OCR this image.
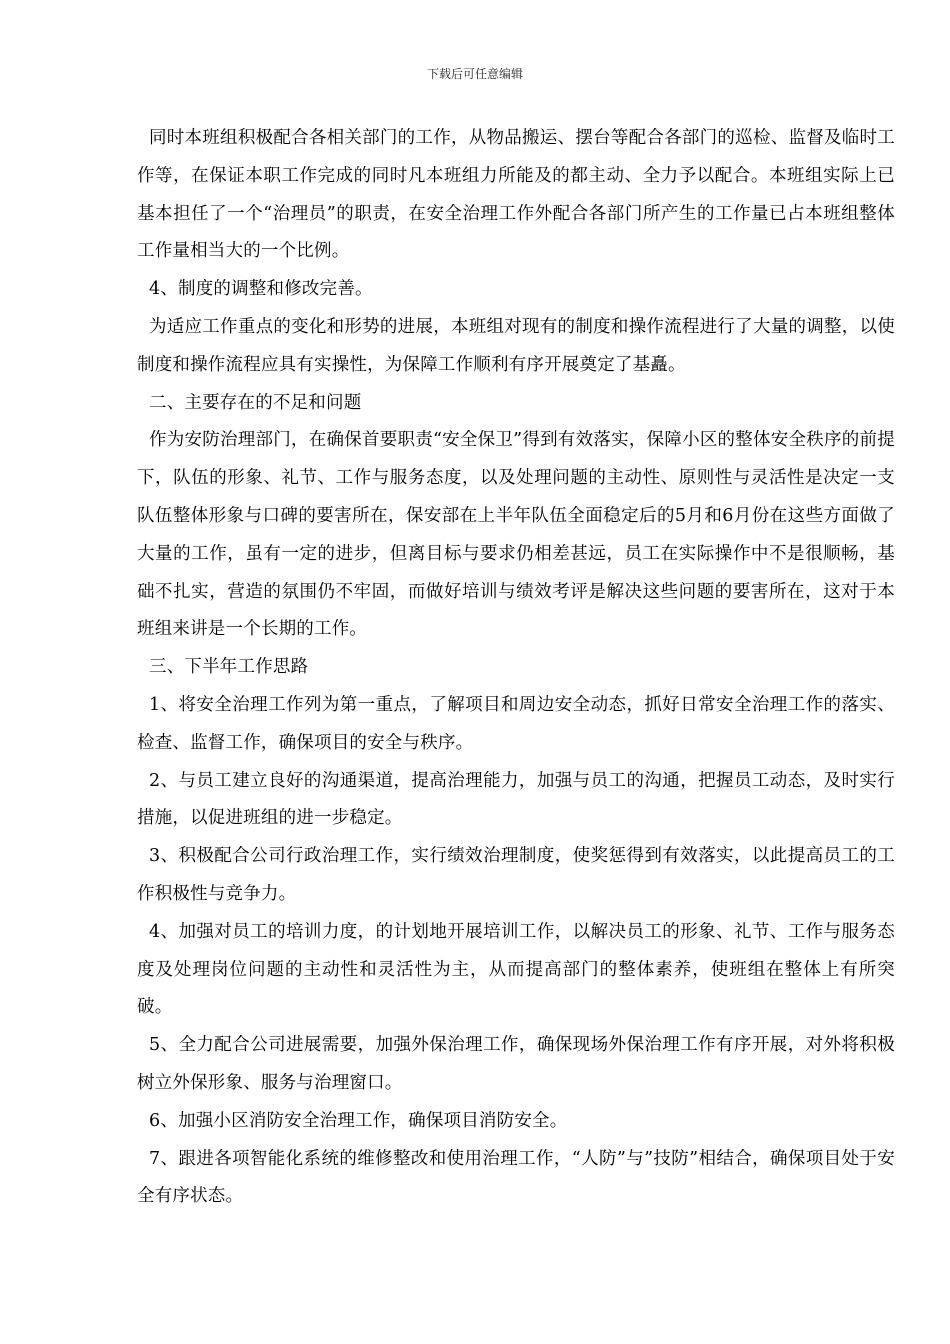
下载后可任意编辑

同时本班组积极配合各相关部门的工作，从物品搬运、摆台等配合各部门的巡检、监督及临时工作等，在保证本职工作完成的同时凡本班组力所能及的都主动、全力予以配合。本班组实际上已基本担任了一个“治理员”的职责，在安全治理工作外配合各部门所产生的工作量已占本班组整体工作量相当大的一个比例。

4、制度的调整和修改完善。

为适应工作重点的变化和形势的进展，本班组对现有的制度和操作流程进行了大量的调整，以使制度和操作流程应具有实操性，为保障工作顺利有序开展奠定了基矗。

二、主要存在的不足和问题

作为安防治理部门，在确保首要职责“安全保卫”得到有效落实，保障小区的整体安全秩序的前提下，队伍的形象、礼节、工作与服务态度，以及处理问题的主动性、原则性与灵活性是决定一支队伍整体形象与口碑的要害所在，保安部在上半年队伍全面稳定后的5月和6月份在这些方面做了大量的工作，虽有一定的进步，但离目标与要求仍相差甚远，员工在实际操作中不是很顺畅，基础不扎实，营造的氛围仍不牢固，而做好培训与绩效考评是解决这些问题的要害所在，这对于本班组来讲是一个长期的工作。

三、下半年工作思路

1、将安全治理工作列为第一重点，了解项目和周边安全动态，抓好日常安全治理工作的落实、检查、监督工作，确保项目的安全与秩序。

2、与员工建立良好的沟通渠道，提高治理能力，加强与员工的沟通，把握员工动态，及时实行措施，以促进班组的进一步稳定。

3、积极配合公司行政治理工作，实行绩效治理制度，使奖惩得到有效落实，以此提高员工的工作积极性与竞争力。

4、加强对员工的培训力度，的计划地开展培训工作，以解决员工的形象、礼节、工作与服务态度及处理岗位问题的主动性和灵活性为主，从而提高部门的整体素养，使班组在整体上有所突破。

5、全力配合公司进展需要，加强外保治理工作，确保现场外保治理工作有序开展，对外将积极树立外保形象、服务与治理窗口。

6、加强小区消防安全治理工作，确保项目消防安全。

7、跟进各项智能化系统的维修整改和使用治理工作，“人防”与”技防”相结合，确保项目处于安全有序状态。
